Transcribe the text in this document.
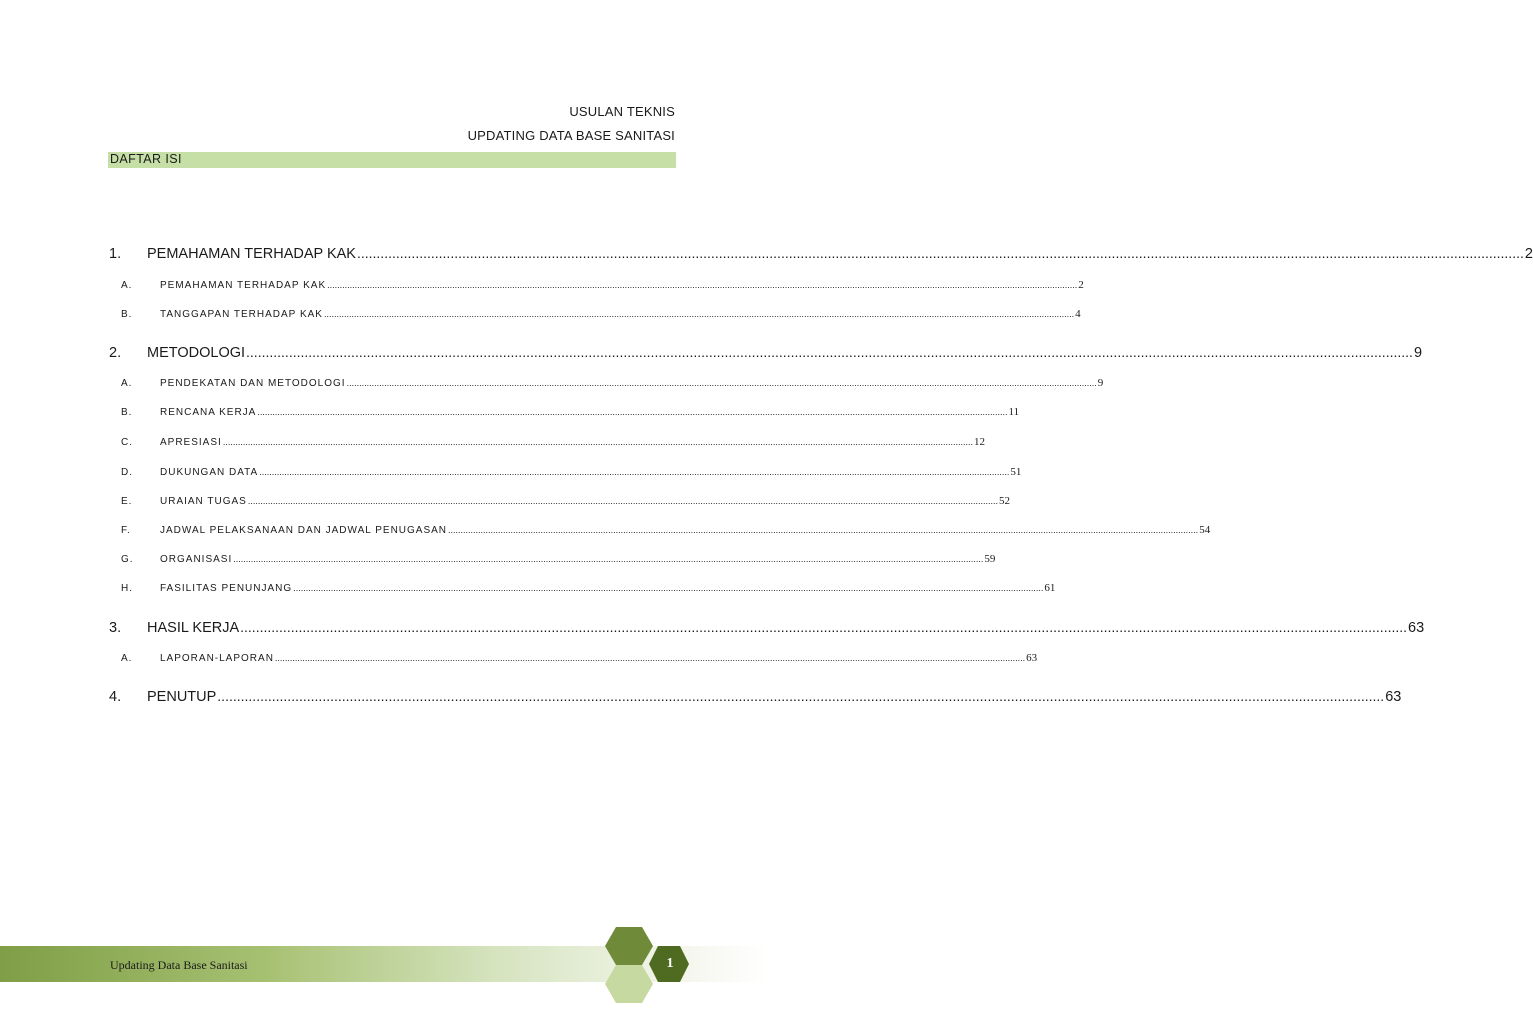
USULAN TEKNIS
UPDATING DATA BASE SANITASI
DAFTAR ISI
1.	PEMAHAMAN TERHADAP KAK ............................................................................................................................................................................................................................................................................................................ 2
A.	PEMAHAMAN TERHADAP KAK ............................................................................................................................................................................................................................................................................................................ 2
B.	TANGGAPAN TERHADAP KAK ............................................................................................................................................................................................................................................................................................................ 4
2.	METODOLOGI ............................................................................................................................................................................................................................................................................................................ 9
A.	PENDEKATAN DAN METODOLOGI ............................................................................................................................................................................................................................................................................................................ 9
B.	RENCANA KERJA ............................................................................................................................................................................................................................................................................................................ 11
C.	APRESIASI ............................................................................................................................................................................................................................................................................................................ 12
D.	DUKUNGAN DATA ............................................................................................................................................................................................................................................................................................................ 51
E.	URAIAN TUGAS ............................................................................................................................................................................................................................................................................................................ 52
F.	JADWAL PELAKSANAAN DAN JADWAL PENUGASAN ............................................................................................................................................................................................................................................................................................................ 54
G.	ORGANISASI ............................................................................................................................................................................................................................................................................................................ 59
H.	FASILITAS PENUNJANG ............................................................................................................................................................................................................................................................................................................ 61
3.	HASIL KERJA ............................................................................................................................................................................................................................................................................................................ 63
A.	LAPORAN-LAPORAN ............................................................................................................................................................................................................................................................................................................ 63
4.	PENUTUP ............................................................................................................................................................................................................................................................................................................ 63
Updating Data Base Sanitasi	1
